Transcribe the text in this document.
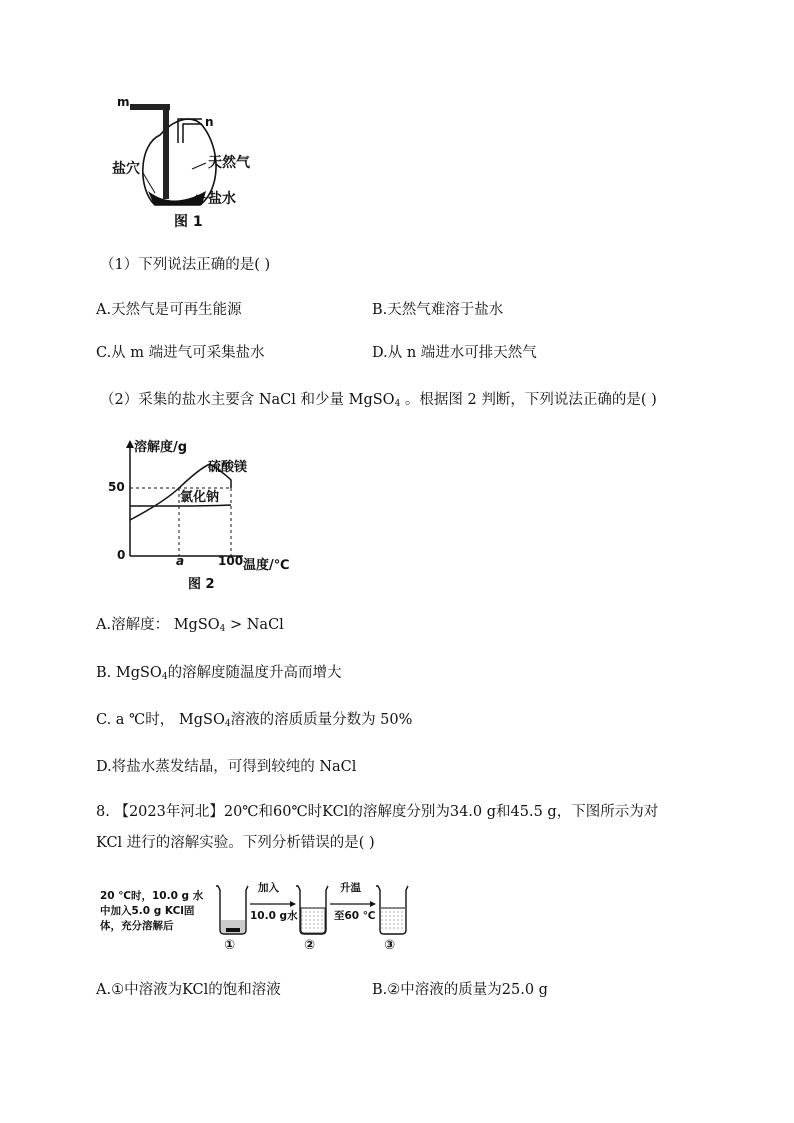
m
n
盐穴	天然气
盐水
图 1
（1）下列说法正确的是( )
A.天然气是可再生能源	B.天然气难溶于盐水
C.从 m 端进气可采集盐水	D.从 n 端进水可排天然气
（2）采集的盐水主要含 NaCl 和少量 MgSO$_4$ 。根据图 2 判断，下列说法正确的是( )
溶解度/g
硫酸镁
氯化钠
50
0	a	100 温度/℃
图 2
A.溶解度： MgSO$_4$ > NaCl
B. MgSO$_4$的溶解度随温度升高而增大
C. a ℃时， MgSO$_4$溶液的溶质质量分数为 50%
D.将盐水蒸发结晶，可得到较纯的 NaCl
8. 【2023年河北】20℃和60℃时KCl的溶解度分别为34.0 g和45.5 g，下图所示为对
KCl 进行的溶解实验。下列分析错误的是( )
20 ℃时，10.0 g 水
中加入5.0 g KCl固
体，充分溶解后
加入
10.0 g水
升温
至60 ℃
①	②	③
A.①中溶液为KCl的饱和溶液	B.②中溶液的质量为25.0 g
